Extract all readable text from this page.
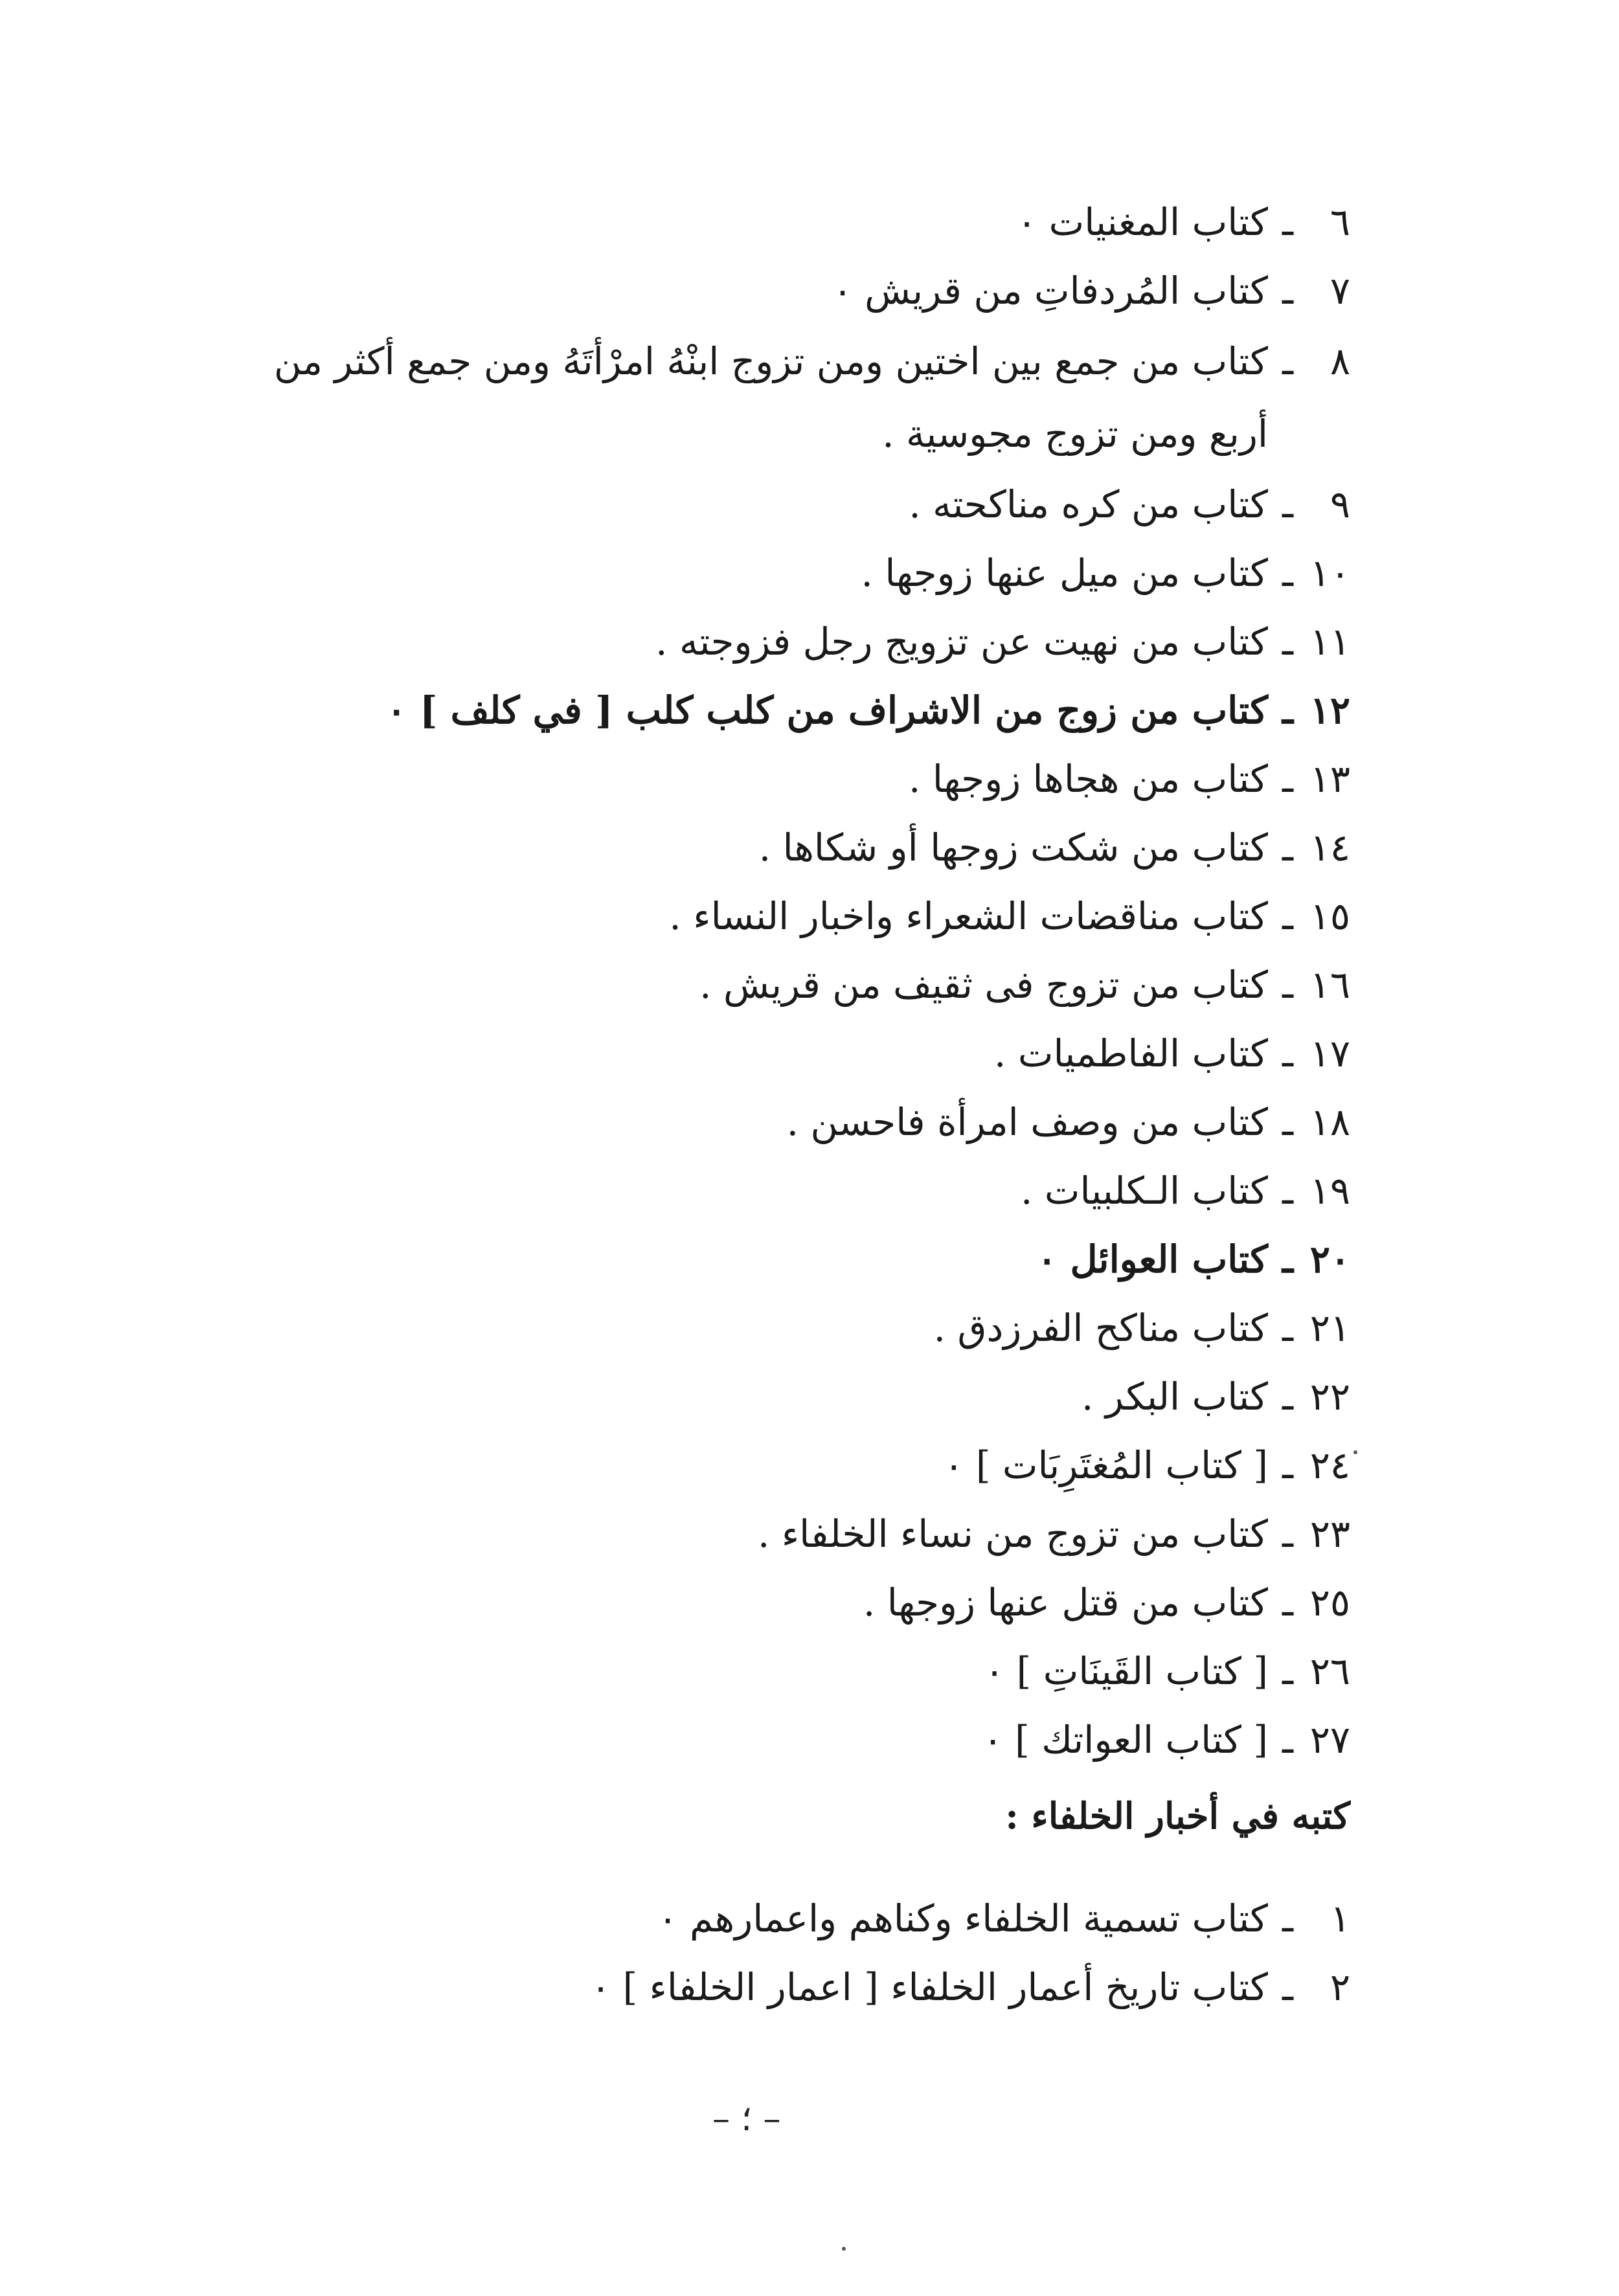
٦
ـ
كتاب المغنيات ٠
٧
ـ
كتاب المُردفاتِ من قريش ٠
٨
ـ
كتاب من جمع بين اختين ومن تزوج ابنْهُ امرْأتَهُ ومن جمع أكثر من أربع ومن تزوج مجوسية .
٩
ـ
كتاب من كره مناكحته .
١٠
ـ
كتاب من ميل عنها زوجها .
١١
ـ
كتاب من نهيت عن تزويج رجل فزوجته .
١٢
ـ
كتاب من زوج من الاشراف من كلب كلب [ في كلف ] ٠
١٣
ـ
كتاب من هجاها زوجها .
١٤
ـ
كتاب من شكت زوجها أو شكاها .
١٥
ـ
كتاب مناقضات الشعراء واخبار النساء .
١٦
ـ
كتاب من تزوج فى ثقيف من قريش .
١٧
ـ
كتاب الفاطميات .
١٨
ـ
كتاب من وصف امرأة فاحسن .
١٩
ـ
كتاب الـكلبيات .
٢٠
ـ
كتاب العوائل ٠
٢١
ـ
كتاب مناكح الفرزدق .
٢٢
ـ
كتاب البكر .
٢٤
ـ
[ كتاب المُغتَرِبَات ] ٠
٢٣
ـ
كتاب من تزوج من نساء الخلفاء .
٢٥
ـ
كتاب من قتل عنها زوجها .
٢٦
ـ
[ كتاب القَينَاتِ ] ٠
٢٧
ـ
[ كتاب العواتك ] ٠
كتبه في أخبار الخلفاء :
١
ـ
كتاب تسمية الخلفاء وكناهم واعمارهم ٠
٢
ـ
كتاب تاريخ أعمار الخلفاء [ اعمار الخلفاء ] ٠
– ؛ –
